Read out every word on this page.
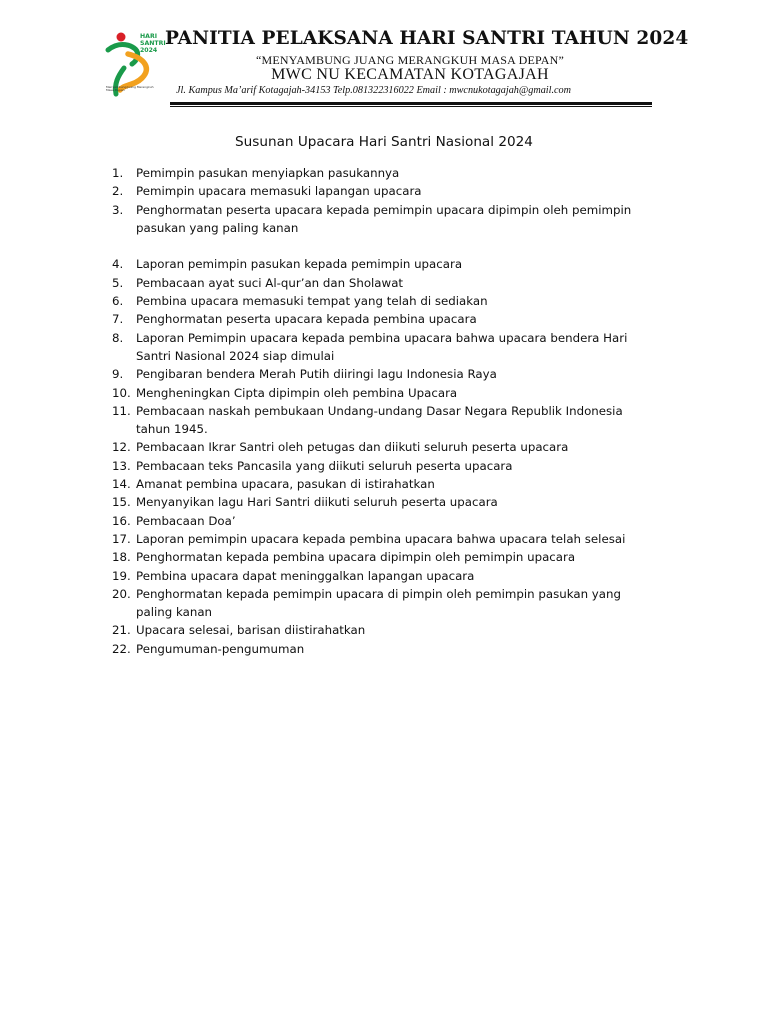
HARI
SANTRI
2024
Menyambung Juang Merengkuh Masa Depan
PANITIA PELAKSANA HARI SANTRI TAHUN 2024
“MENYAMBUNG JUANG MERANGKUH MASA DEPAN”
MWC NU KECAMATAN KOTAGAJAH
Jl. Kampus Ma’arif Kotagajah-34153 Telp.081322316022 Email : mwcnukotagajah@gmail.com
Susunan Upacara Hari Santri Nasional 2024
1. Pemimpin pasukan menyiapkan pasukannya
2. Pemimpin upacara memasuki lapangan upacara
3. Penghormatan peserta upacara kepada pemimpin upacara dipimpin oleh pemimpin pasukan yang paling kanan
4. Laporan pemimpin pasukan kepada pemimpin upacara
5. Pembacaan ayat suci Al-qur’an dan Sholawat
6. Pembina upacara memasuki tempat yang telah di sediakan
7. Penghormatan peserta upacara kepada pembina upacara
8. Laporan Pemimpin upacara kepada pembina upacara bahwa upacara bendera Hari Santri Nasional 2024 siap dimulai
9. Pengibaran bendera Merah Putih diiringi lagu Indonesia Raya
10. Mengheningkan Cipta dipimpin oleh pembina Upacara
11. Pembacaan naskah pembukaan Undang-undang Dasar Negara Republik Indonesia tahun 1945.
12. Pembacaan Ikrar Santri oleh petugas dan diikuti seluruh peserta upacara
13. Pembacaan teks Pancasila yang diikuti seluruh peserta upacara
14. Amanat pembina upacara, pasukan di istirahatkan
15. Menyanyikan lagu Hari Santri diikuti seluruh peserta upacara
16. Pembacaan Doa’
17. Laporan pemimpin upacara kepada pembina upacara bahwa upacara telah selesai
18. Penghormatan kepada pembina upacara dipimpin oleh pemimpin upacara
19. Pembina upacara dapat meninggalkan lapangan upacara
20. Penghormatan kepada pemimpin upacara di pimpin oleh pemimpin pasukan yang paling kanan
21. Upacara selesai, barisan diistirahatkan
22. Pengumuman-pengumuman
